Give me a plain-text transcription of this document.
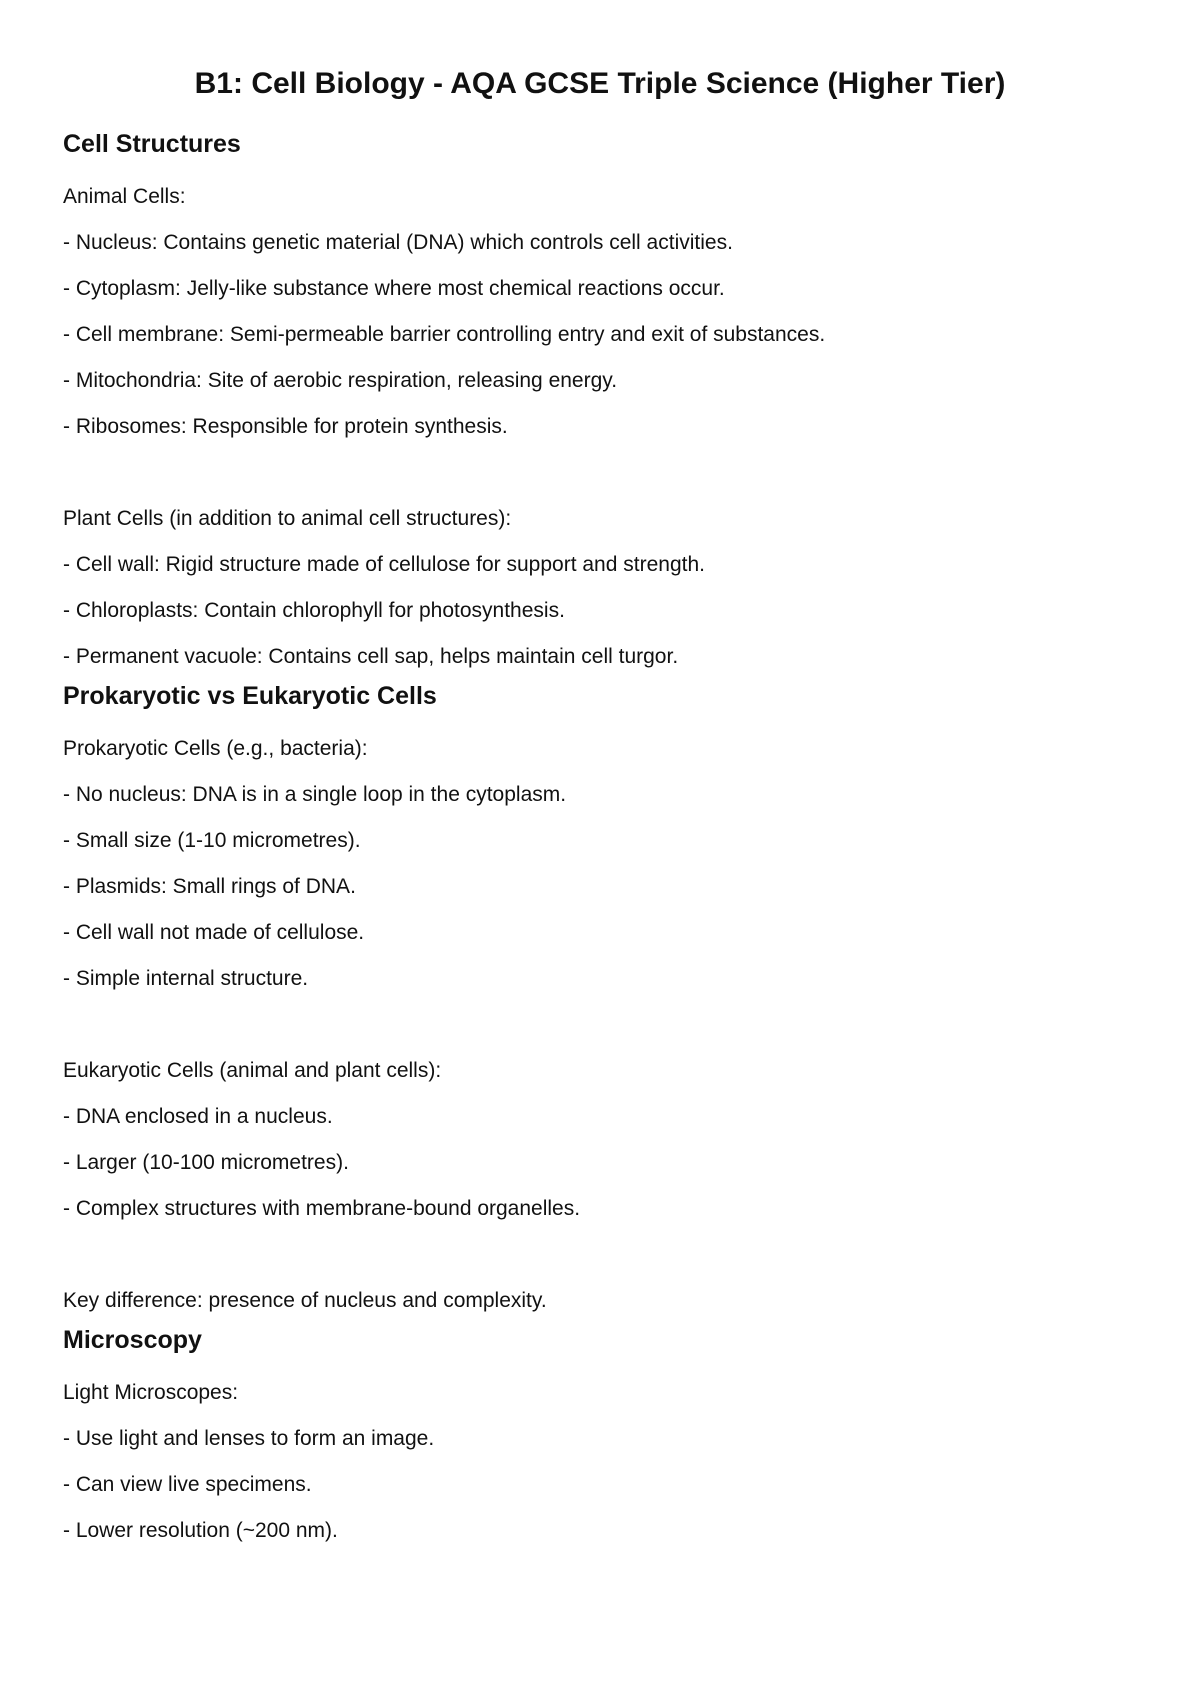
B1: Cell Biology - AQA GCSE Triple Science (Higher Tier)
Cell Structures

Animal Cells:

- Nucleus: Contains genetic material (DNA) which controls cell activities.

- Cytoplasm: Jelly-like substance where most chemical reactions occur.

- Cell membrane: Semi-permeable barrier controlling entry and exit of substances.

- Mitochondria: Site of aerobic respiration, releasing energy.

- Ribosomes: Responsible for protein synthesis.

Plant Cells (in addition to animal cell structures):

- Cell wall: Rigid structure made of cellulose for support and strength.

- Chloroplasts: Contain chlorophyll for photosynthesis.

- Permanent vacuole: Contains cell sap, helps maintain cell turgor.

Prokaryotic vs Eukaryotic Cells

Prokaryotic Cells (e.g., bacteria):

- No nucleus: DNA is in a single loop in the cytoplasm.

- Small size (1-10 micrometres).

- Plasmids: Small rings of DNA.

- Cell wall not made of cellulose.

- Simple internal structure.

Eukaryotic Cells (animal and plant cells):

- DNA enclosed in a nucleus.

- Larger (10-100 micrometres).

- Complex structures with membrane-bound organelles.

Key difference: presence of nucleus and complexity.

Microscopy

Light Microscopes:

- Use light and lenses to form an image.

- Can view live specimens.

- Lower resolution (~200 nm).
